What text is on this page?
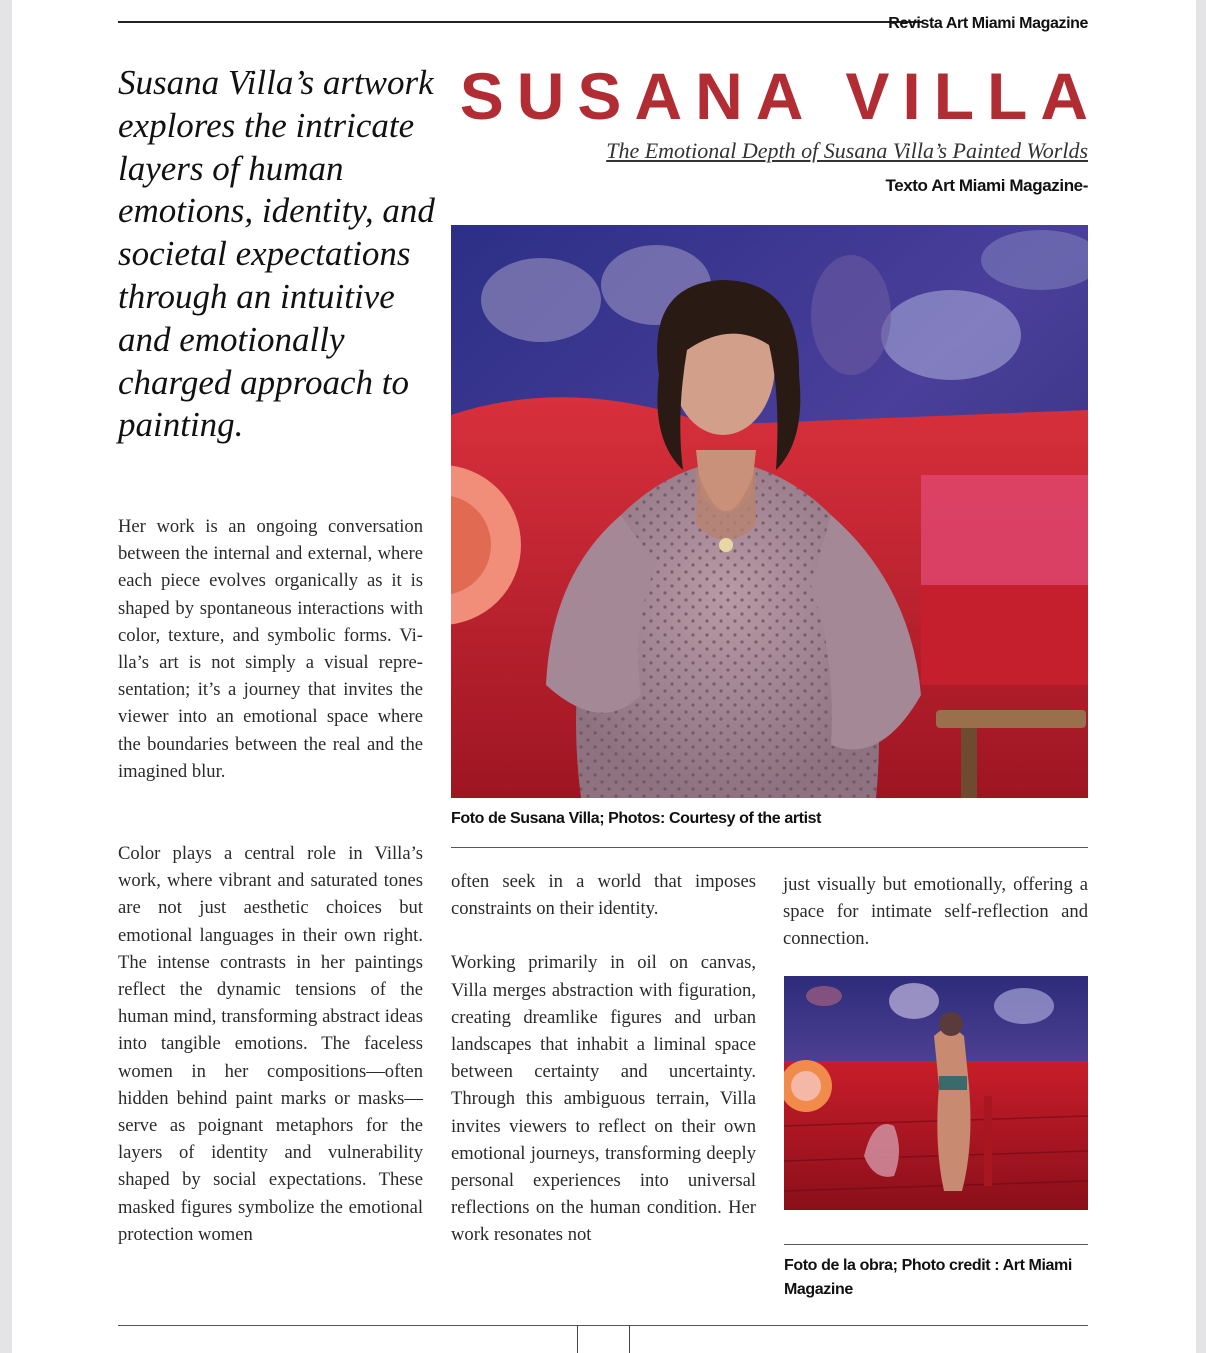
Revista Art Miami Magazine
Susana Villa’s artwork explores the intricate layers of human emotions, identity, and societal expectations through an intuitive and emotionally charged approach to painting.
SUSANA VILLA
The Emotional Depth of Susana Villa’s Painted Worlds
Texto Art Miami Magazine-
Foto de Susana Villa; Photos: Courtesy of the artist

Her work is an ongoing conversation between the internal and external, where each piece evolves organically as it is shaped by spontaneous interactions with color, texture, and symbolic forms. Villa’s art is not simply a visual representation; it’s a journey that invites the viewer into an emotional space where the boundaries between the real and the imagined blur.

Color plays a central role in Villa’s work, where vibrant and saturated tones are not just aesthetic choices but emotional languages in their own right. The intense contrasts in her paintings reflect the dynamic tensions of the human mind, transforming abstract ideas into tangible emotions. The faceless women in her compositions—often hidden behind paint marks or masks—serve as poignant metaphors for the layers of identity and vulnerability shaped by social expectations. These masked figures symbolize the emotional protection women

often seek in a world that imposes constraints on their identity.

Working primarily in oil on canvas, Villa merges abstraction with figuration, creating dreamlike figures and urban landscapes that inhabit a liminal space between certainty and uncertainty. Through this ambiguous terrain, Villa invites viewers to reflect on their own emotional journeys, transforming deeply personal experiences into universal reflections on the human condition. Her work resonates not

just visually but emotionally, offering a space for intimate self-reflection and connection.

Foto de la obra; Photo credit : Art Miami Magazine
